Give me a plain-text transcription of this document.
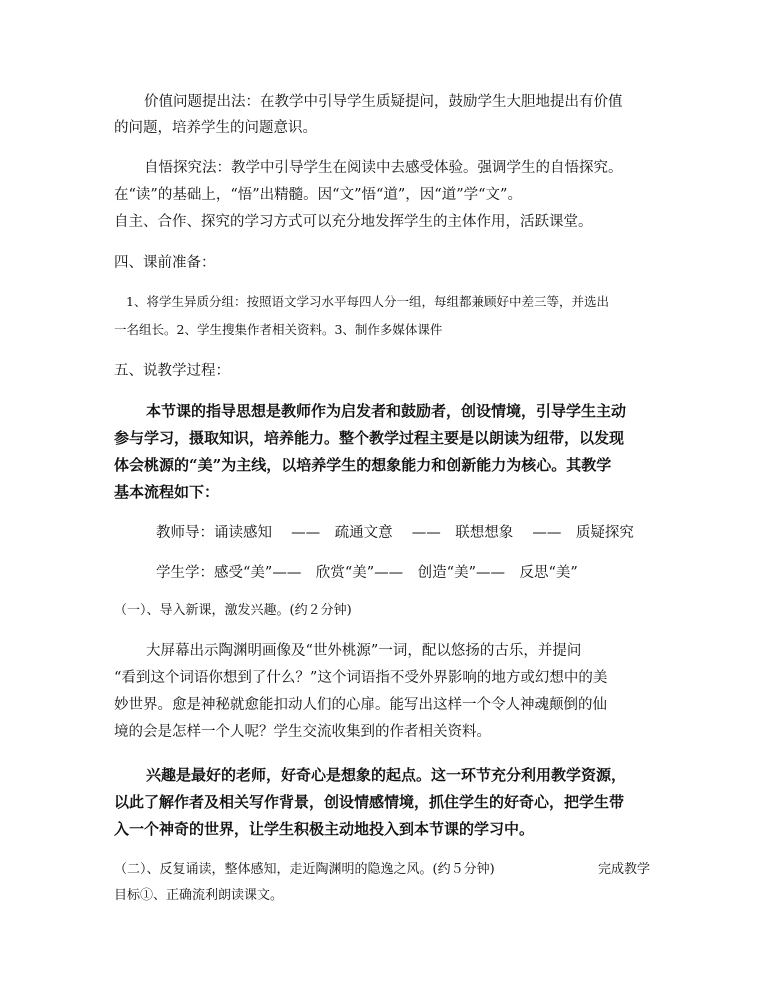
价值问题提出法：在教学中引导学生质疑提问，鼓励学生大胆地提出有价值
的问题，培养学生的问题意识。
自悟探究法：教学中引导学生在阅读中去感受体验。强调学生的自悟探究。
在“读”的基础上，“悟”出精髓。因“文”悟“道”，因“道”学“文”。
自主、合作、探究的学习方式可以充分地发挥学生的主体作用，活跃课堂。
四、课前准备：
1、将学生异质分组：按照语文学习水平每四人分一组，每组都兼顾好中差三等，并选出
一名组长。2、学生搜集作者相关资料。3、制作多媒体课件
五、说教学过程：
本节课的指导思想是教师作为启发者和鼓励者，创设情境，引导学生主动
参与学习，摄取知识，培养能力。整个教学过程主要是以朗读为纽带，以发现
体会桃源的“美”为主线，以培养学生的想象能力和创新能力为核心。其教学
基本流程如下：
教师导：诵读感知 　——　疏通文意 　——　联想想象 　——　质疑探究
学生学：感受“美”——　欣赏“美”——　创造“美”——　反思“美”
（一）、导入新课，激发兴趣。(约２分钟)
大屏幕出示陶渊明画像及“世外桃源”一词，配以悠扬的古乐，并提问
“看到这个词语你想到了什么？”这个词语指不受外界影响的地方或幻想中的美
妙世界。愈是神秘就愈能扣动人们的心扉。能写出这样一个令人神魂颠倒的仙
境的会是怎样一个人呢？学生交流收集到的作者相关资料。
兴趣是最好的老师，好奇心是想象的起点。这一环节充分利用教学资源，
以此了解作者及相关写作背景，创设情感情境，抓住学生的好奇心，把学生带
入一个神奇的世界，让学生积极主动地投入到本节课的学习中。
（二）、反复诵读，整体感知，走近陶渊明的隐逸之风。(约５分钟)	完成教学
目标①、正确流利朗读课文。
